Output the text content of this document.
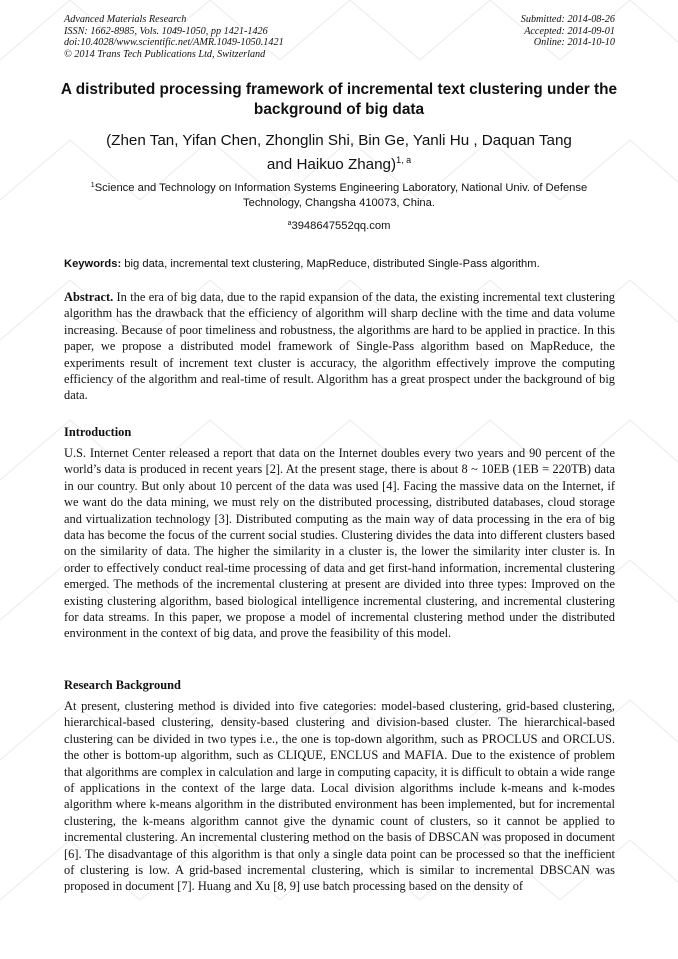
Advanced Materials Research
ISSN: 1662-8985, Vols. 1049-1050, pp 1421-1426
doi:10.4028/www.scientific.net/AMR.1049-1050.1421
© 2014 Trans Tech Publications Ltd, Switzerland
Submitted: 2014-08-26
Accepted: 2014-09-01
Online: 2014-10-10
A distributed processing framework of incremental text clustering under the background of big data
(Zhen Tan, Yifan Chen, Zhonglin Shi, Bin Ge, Yanli Hu , Daquan Tang
and Haikuo Zhang)$^{1, a}$
$^1$Science and Technology on Information Systems Engineering Laboratory, National Univ. of Defense Technology, Changsha 410073, China.
$^a$3948647552qq.com
Keywords: big data, incremental text clustering, MapReduce, distributed Single-Pass algorithm.
Abstract. In the era of big data, due to the rapid expansion of the data, the existing incremental text clustering algorithm has the drawback that the efficiency of algorithm will sharp decline with the time and data volume increasing. Because of poor timeliness and robustness, the algorithms are hard to be applied in practice. In this paper, we propose a distributed model framework of Single-Pass algorithm based on MapReduce, the experiments result of increment text cluster is accuracy, the algorithm effectively improve the computing efficiency of the algorithm and real-time of result. Algorithm has a great prospect under the background of big data.
Introduction
U.S. Internet Center released a report that data on the Internet doubles every two years and 90 percent of the world’s data is produced in recent years [2]. At the present stage, there is about 8 ~ 10EB (1EB = 220TB) data in our country. But only about 10 percent of the data was used [4]. Facing the massive data on the Internet, if we want do the data mining, we must rely on the distributed processing, distributed databases, cloud storage and virtualization technology [3]. Distributed computing as the main way of data processing in the era of big data has become the focus of the current social studies. Clustering divides the data into different clusters based on the similarity of data. The higher the similarity in a cluster is, the lower the similarity inter cluster is. In order to effectively conduct real-time processing of data and get first-hand information, incremental clustering emerged. The methods of the incremental clustering at present are divided into three types: Improved on the existing clustering algorithm, based biological intelligence incremental clustering, and incremental clustering for data streams. In this paper, we propose a model of incremental clustering method under the distributed environment in the context of big data, and prove the feasibility of this model.
Research Background
At present, clustering method is divided into five categories: model-based clustering, grid-based clustering, hierarchical-based clustering, density-based clustering and division-based cluster. The hierarchical-based clustering can be divided in two types i.e., the one is top-down algorithm, such as PROCLUS and ORCLUS. the other is bottom-up algorithm, such as CLIQUE, ENCLUS and MAFIA. Due to the existence of problem that algorithms are complex in calculation and large in computing capacity, it is difficult to obtain a wide range of applications in the context of the large data. Local division algorithms include k-means and k-modes algorithm where k-means algorithm in the distributed environment has been implemented, but for incremental clustering, the k-means algorithm cannot give the dynamic count of clusters, so it cannot be applied to incremental clustering. An incremental clustering method on the basis of DBSCAN was proposed in document [6]. The disadvantage of this algorithm is that only a single data point can be processed so that the inefficient of clustering is low. A grid-based incremental clustering, which is similar to incremental DBSCAN was proposed in document [7]. Huang and Xu [8, 9] use batch processing based on the density of
